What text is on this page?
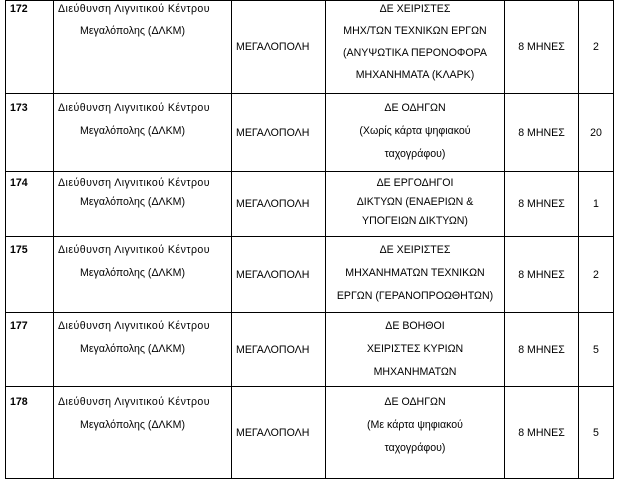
172	Διεύθυνση Λιγνιτικού Κέντρου
Μεγαλόπολης (ΔΛΚΜ)	ΜΕΓΑΛΟΠΟΛΗ	ΔΕ ΧΕΙΡΙΣΤΕΣ
ΜΗΧ/ΤΩΝ ΤΕΧΝΙΚΩΝ ΕΡΓΩΝ
(ΑΝΥΨΩΤΙΚΑ ΠΕΡΟΝΟΦΟΡΑ
ΜΗΧΑΝΗΜΑΤΑ (ΚΛΑΡΚ)	8 ΜΗΝΕΣ	2

173	Διεύθυνση Λιγνιτικού Κέντρου
Μεγαλόπολης (ΔΛΚΜ)	ΜΕΓΑΛΟΠΟΛΗ	ΔΕ ΟΔΗΓΩΝ
(Χωρίς κάρτα ψηφιακού
ταχογράφου)	8 ΜΗΝΕΣ	20

174	Διεύθυνση Λιγνιτικού Κέντρου
Μεγαλόπολης (ΔΛΚΜ)	ΜΕΓΑΛΟΠΟΛΗ	ΔΕ ΕΡΓΟΔΗΓΟΙ
ΔΙΚΤΥΩΝ (ΕΝΑΕΡΙΩΝ &
ΥΠΟΓΕΙΩΝ ΔΙΚΤΥΩΝ)	8 ΜΗΝΕΣ	1

175	Διεύθυνση Λιγνιτικού Κέντρου
Μεγαλόπολης (ΔΛΚΜ)	ΜΕΓΑΛΟΠΟΛΗ	ΔΕ ΧΕΙΡΙΣΤΕΣ
ΜΗΧΑΝΗΜΑΤΩΝ ΤΕΧΝΙΚΩΝ
ΕΡΓΩΝ (ΓΕΡΑΝΟΠΡΟΩΘΗΤΩΝ)	8 ΜΗΝΕΣ	2

177	Διεύθυνση Λιγνιτικού Κέντρου
Μεγαλόπολης (ΔΛΚΜ)	ΜΕΓΑΛΟΠΟΛΗ	ΔΕ ΒΟΗΘΟΙ
ΧΕΙΡΙΣΤΕΣ ΚΥΡΙΩΝ
ΜΗΧΑΝΗΜΑΤΩΝ	8 ΜΗΝΕΣ	5

178	Διεύθυνση Λιγνιτικού Κέντρου
Μεγαλόπολης (ΔΛΚΜ)	ΜΕΓΑΛΟΠΟΛΗ	ΔΕ ΟΔΗΓΩΝ
(Με κάρτα ψηφιακού
ταχογράφου)	8 ΜΗΝΕΣ	5
